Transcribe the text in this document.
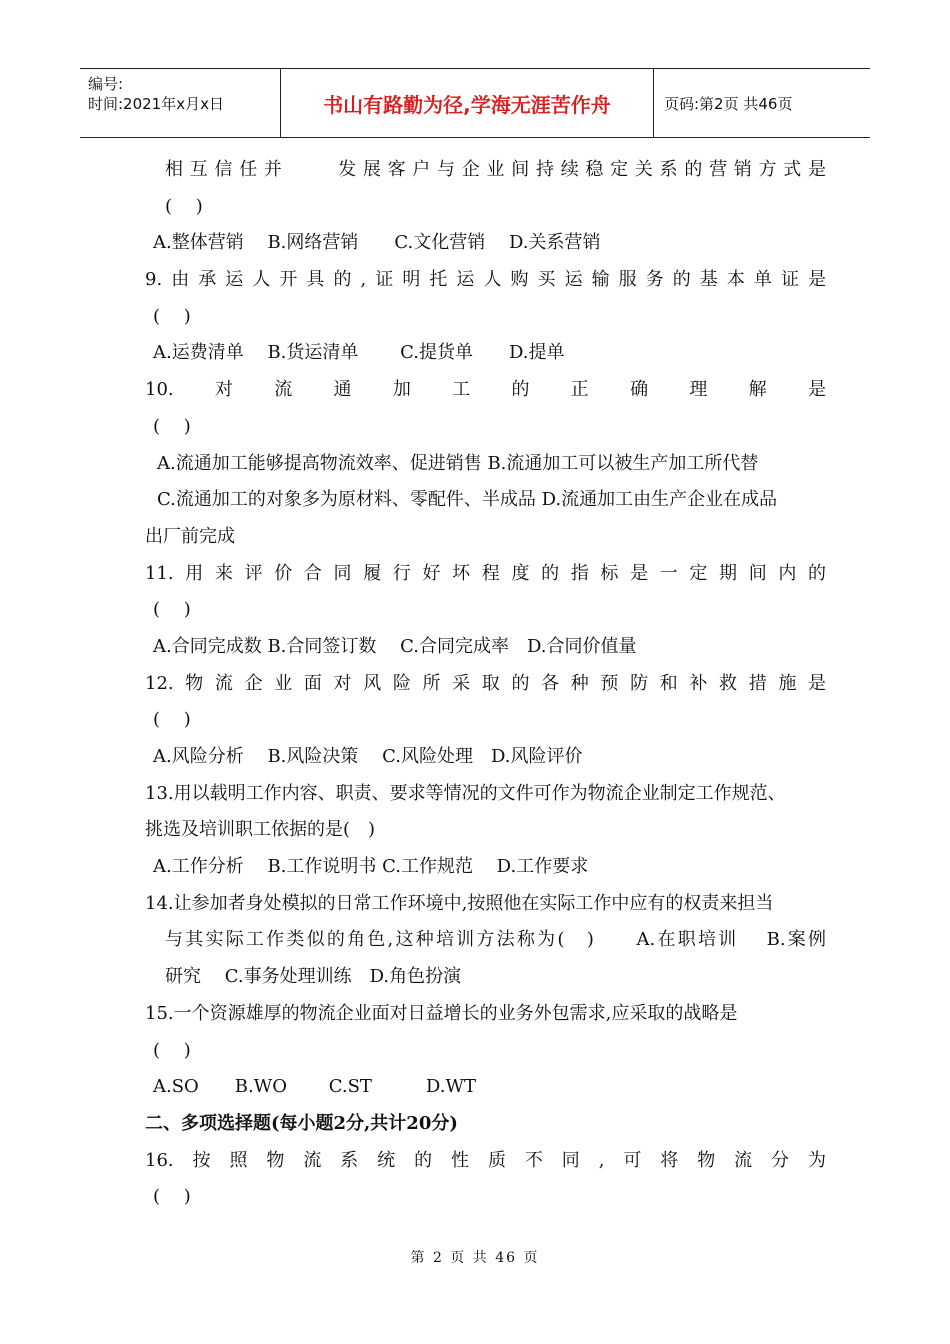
编号:
时间:2021年x月x日	书山有路勤为径,学海无涯苦作舟	页码:第2页 共46页
相互信任并　　发展客户与企业间持续稳定关系的营销方式是
(　 )
A.整体营销　 B.网络营销　　C.文化营销　 D.关系营销
9.由承运人开具的,证明托运人购买运输服务的基本单证是
(　 )
A.运费清单　 B.货运清单　　 C.提货单　　D.提单
10.　对　流　通　加　工　的　正　确　理　解　是
(　 )
A.流通加工能够提高物流效率、促进销售 B.流通加工可以被生产加工所代替
C.流通加工的对象多为原材料、零配件、半成品 D.流通加工由生产企业在成品
出厂前完成
11.用来评价合同履行好坏程度的指标是一定期间内的
(　 )
A.合同完成数 B.合同签订数　 C.合同完成率　D.合同价值量
12.物流企业面对风险所采取的各种预防和补救措施是
(　 )
A.风险分析　 B.风险决策　 C.风险处理　D.风险评价
13.用以载明工作内容、职责、要求等情况的文件可作为物流企业制定工作规范、
挑选及培训职工依据的是(　)
A.工作分析　 B.工作说明书 C.工作规范　 D.工作要求
14.让参加者身处模拟的日常工作环境中,按照他在实际工作中应有的权责来担当
与其实际工作类似的角色,这种培训方法称为(　)　　A.在职培训　 B.案例
研究　 C.事务处理训练　D.角色扮演
15.一个资源雄厚的物流企业面对日益增长的业务外包需求,应采取的战略是
(　 )
A.SO　　B.WO　　 C.ST　　　D.WT
二、多项选择题(每小题2分,共计20分)
16.　按　照　物　流　系　统　的　性　质　不　同　,　可　将　物　流　分　为
(　 )
第 2 页 共 46 页
